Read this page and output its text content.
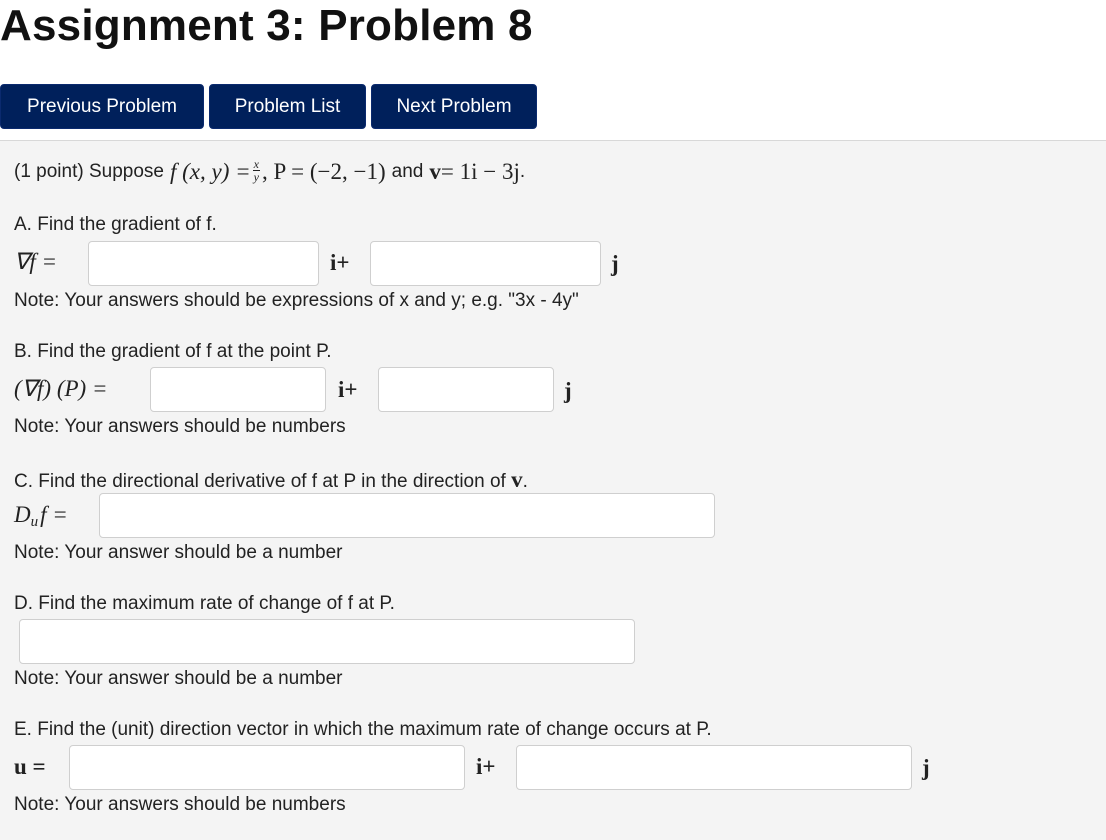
Assignment 3: Problem 8
Previous Problem	Problem List	Next Problem
(1 point) Suppose f (x, $y) = \frac{x}{y}$ , P = (−2, −1) and v = 1i − 3j .
A. Find the gradient of f.
∇f =	i+	j
Note: Your answers should be expressions of x and y; e.g. "3x - 4y"
B. Find the gradient of f at the point P.
(∇f) (P) =	i+	j
Note: Your answers should be numbers
C. Find the directional derivative of f at P in the direction of v.
Duf =
Note: Your answer should be a number
D. Find the maximum rate of change of f at P.
Note: Your answer should be a number
E. Find the (unit) direction vector in which the maximum rate of change occurs at P.
u =	i+	j
Note: Your answers should be numbers
